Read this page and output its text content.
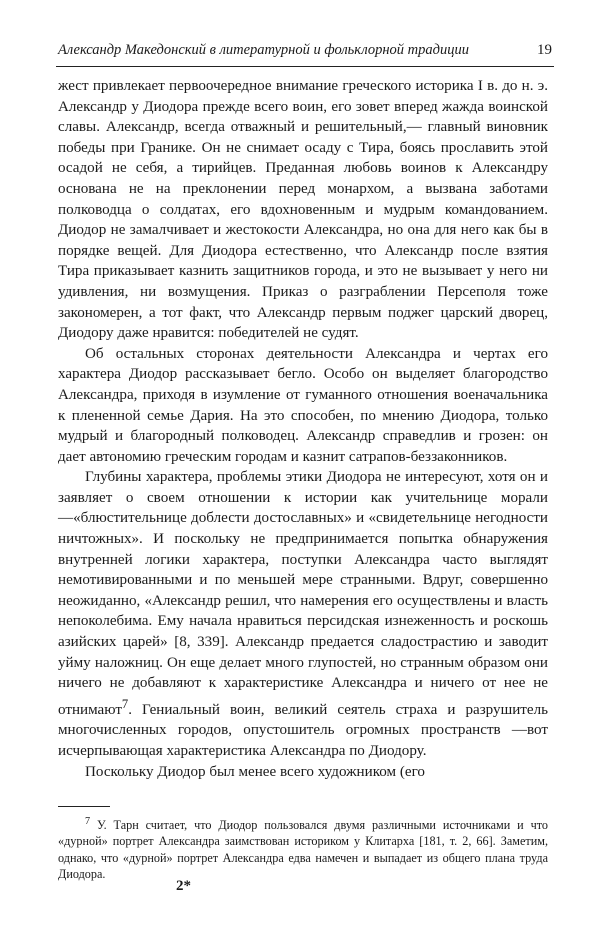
Александр Македонский в литературной и фольклорной традиции	19

жест привлекает первоочередное внимание греческого историка I в. до н. э. Александр у Диодора прежде всего воин, его зовет вперед жажда воинской славы. Александр, всегда отважный и решительный,— главный виновник победы при Гранике. Он не снимает осаду с Тира, боясь прославить этой осадой не себя, а тирийцев. Преданная любовь воинов к Александру основана не на преклонении перед монархом, а вызвана заботами полководца о солдатах, его вдохновенным и мудрым командованием. Диодор не замалчивает и жестокости Александра, но она для него как бы в порядке вещей. Для Диодора естественно, что Александр после взятия Тира приказывает казнить защитников города, и это не вызывает у него ни удивления, ни возмущения. Приказ о разграблении Персеполя тоже закономерен, а тот факт, что Александр первым поджег царский дворец, Диодору даже нравится: победителей не судят.

Об остальных сторонах деятельности Александра и чертах его характера Диодор рассказывает бегло. Особо он выделяет благородство Александра, приходя в изумление от гуманного отношения военачальника к плененной семье Дария. На это способен, по мнению Диодора, только мудрый и благородный полководец. Александр справедлив и грозен: он дает автономию греческим городам и казнит сатрапов-беззаконников.

Глубины характера, проблемы этики Диодора не интересуют, хотя он и заявляет о своем отношении к истории как учительнице морали —«блюстительнице доблести достославных» и «свидетельнице негодности ничтожных». И поскольку не предпринимается попытка обнаружения внутренней логики характера, поступки Александра часто выглядят немотивированными и по меньшей мере странными. Вдруг, совершенно неожиданно, «Александр решил, что намерения его осуществлены и власть непоколебима. Ему начала нравиться персидская изнеженность и роскошь азийских царей» [8, 339]. Александр предается сладострастию и заводит уйму наложниц. Он еще делает много глупостей, но странным образом они ничего не добавляют к характеристике Александра и ничего от нее не отнимают$^7$. Гениальный воин, великий сеятель страха и разрушитель многочисленных городов, опустошитель огромных пространств —вот исчерпывающая характеристика Александра по Диодору.

Поскольку Диодор был менее всего художником (его

$^7$ У. Тарн считает, что Диодор пользовался двумя различными источниками и что «дурной» портрет Александра заимствован историком у Клитарха [181, т. 2, 66]. Заметим, однако, что «дурной» портрет Александра едва намечен и выпадает из общего плана труда Диодора.
2*
